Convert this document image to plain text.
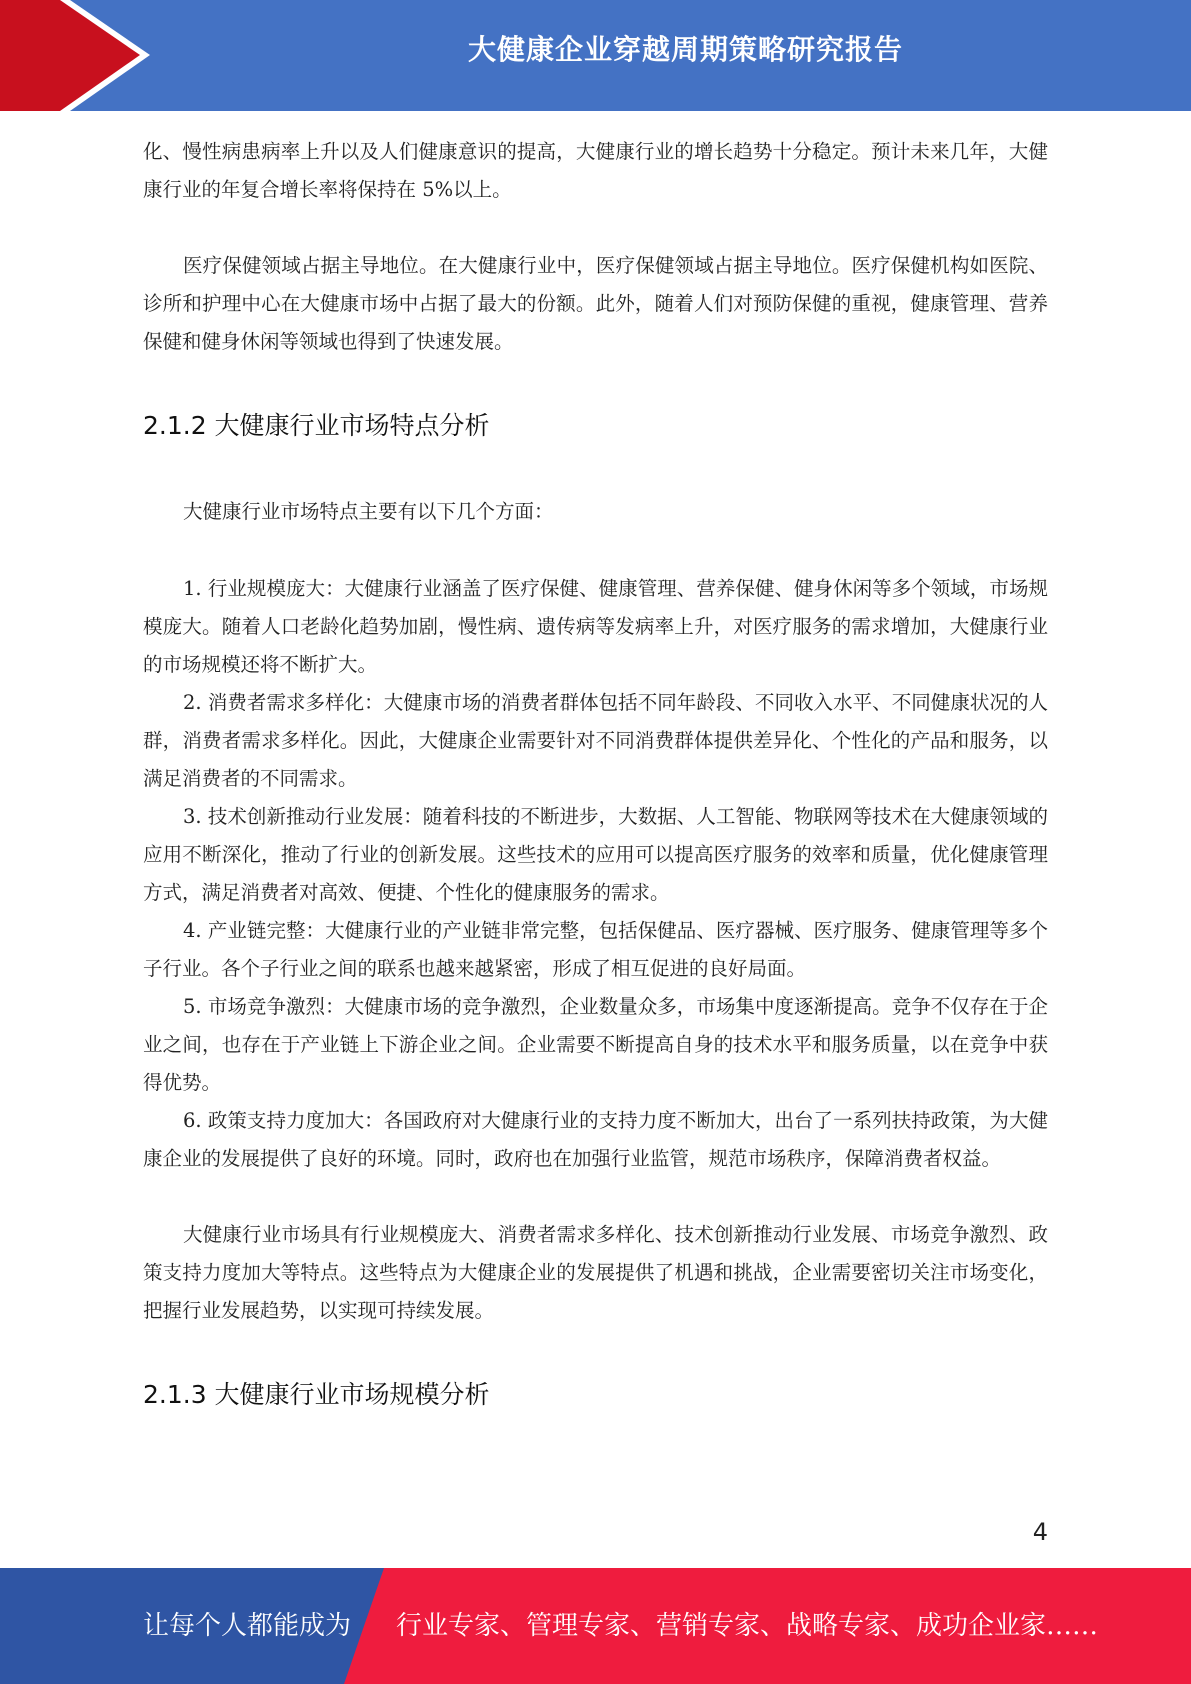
大健康企业穿越周期策略研究报告

化、慢性病患病率上升以及人们健康意识的提高，大健康行业的增长趋势十分稳定。预计未来几年，大健康行业的年复合增长率将保持在 5%以上。

医疗保健领域占据主导地位。在大健康行业中，医疗保健领域占据主导地位。医疗保健机构如医院、诊所和护理中心在大健康市场中占据了最大的份额。此外，随着人们对预防保健的重视，健康管理、营养保健和健身休闲等领域也得到了快速发展。

2.1.2 大健康行业市场特点分析

大健康行业市场特点主要有以下几个方面：

1. 行业规模庞大：大健康行业涵盖了医疗保健、健康管理、营养保健、健身休闲等多个领域，市场规模庞大。随着人口老龄化趋势加剧，慢性病、遗传病等发病率上升，对医疗服务的需求增加，大健康行业的市场规模还将不断扩大。

2. 消费者需求多样化：大健康市场的消费者群体包括不同年龄段、不同收入水平、不同健康状况的人群，消费者需求多样化。因此，大健康企业需要针对不同消费群体提供差异化、个性化的产品和服务，以满足消费者的不同需求。

3. 技术创新推动行业发展：随着科技的不断进步，大数据、人工智能、物联网等技术在大健康领域的应用不断深化，推动了行业的创新发展。这些技术的应用可以提高医疗服务的效率和质量，优化健康管理方式，满足消费者对高效、便捷、个性化的健康服务的需求。

4. 产业链完整：大健康行业的产业链非常完整，包括保健品、医疗器械、医疗服务、健康管理等多个子行业。各个子行业之间的联系也越来越紧密，形成了相互促进的良好局面。

5. 市场竞争激烈：大健康市场的竞争激烈，企业数量众多，市场集中度逐渐提高。竞争不仅存在于企业之间，也存在于产业链上下游企业之间。企业需要不断提高自身的技术水平和服务质量，以在竞争中获得优势。

6. 政策支持力度加大：各国政府对大健康行业的支持力度不断加大，出台了一系列扶持政策，为大健康企业的发展提供了良好的环境。同时，政府也在加强行业监管，规范市场秩序，保障消费者权益。

大健康行业市场具有行业规模庞大、消费者需求多样化、技术创新推动行业发展、市场竞争激烈、政策支持力度加大等特点。这些特点为大健康企业的发展提供了机遇和挑战，企业需要密切关注市场变化，把握行业发展趋势，以实现可持续发展。

2.1.3 大健康行业市场规模分析
4
让每个人都能成为 行业专家、管理专家、营销专家、战略专家、成功企业家……
